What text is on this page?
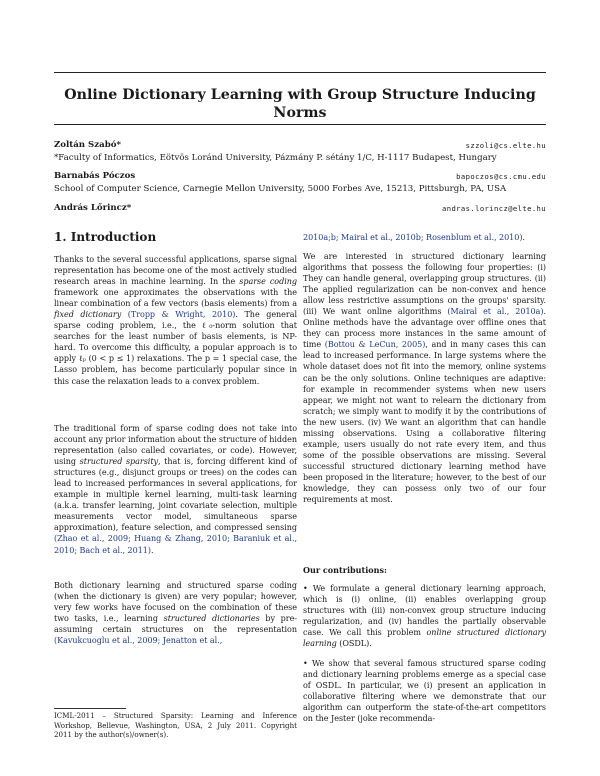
Online Dictionary Learning with Group Structure Inducing Norms
Zoltán Szabó*	szzoli@cs.elte.hu
*Faculty of Informatics, Eötvös Loránd University, Pázmány P. sétány 1/C, H-1117 Budapest, Hungary
Barnabás Póczos	bapoczos@cs.cmu.edu
School of Computer Science, Carnegie Mellon University, 5000 Forbes Ave, 15213, Pittsburgh, PA, USA
András Lőrincz*	andras.lorincz@elte.hu
1. Introduction

Thanks to the several successful applications, sparse signal representation has become one of the most actively studied research areas in machine learning. In the sparse coding framework one approximates the observations with the linear combination of a few vectors (basis elements) from a fixed dictionary (Tropp & Wright, 2010). The general sparse coding problem, i.e., the ℓ₀-norm solution that searches for the least number of basis elements, is NP-hard. To overcome this difficulty, a popular approach is to apply ℓₚ (0 < p ≤ 1) relaxations. The p = 1 special case, the Lasso problem, has become particularly popular since in this case the relaxation leads to a convex problem.

The traditional form of sparse coding does not take into account any prior information about the structure of hidden representation (also called covariates, or code). However, using structured sparsity, that is, forcing different kind of structures (e.g., disjunct groups or trees) on the codes can lead to increased performances in several applications, for example in multiple kernel learning, multi-task learning (a.k.a. transfer learning, joint covariate selection, multiple measurements vector model, simultaneous sparse approximation), feature selection, and compressed sensing (Zhao et al., 2009; Huang & Zhang, 2010; Baraniuk et al., 2010; Bach et al., 2011).

Both dictionary learning and structured sparse coding (when the dictionary is given) are very popular; however, very few works have focused on the combination of these two tasks, i.e., learning structured dictionaries by pre-assuming certain structures on the representation (Kavukcuoglu et al., 2009; Jenatton et al.,

ICML-2011 – Structured Sparsity: Learning and Inference Workshop, Bellevue, Washington, USA, 2 July 2011. Copyright 2011 by the author(s)/owner(s).

2010a;b; Mairal et al., 2010b; Rosenblum et al., 2010).

We are interested in structured dictionary learning algorithms that possess the following four properties: (i) They can handle general, overlapping group structures. (ii) The applied regularization can be non-convex and hence allow less restrictive assumptions on the groups' sparsity. (iii) We want online algorithms (Mairal et al., 2010a). Online methods have the advantage over offline ones that they can process more instances in the same amount of time (Bottou & LeCun, 2005), and in many cases this can lead to increased performance. In large systems where the whole dataset does not fit into the memory, online systems can be the only solutions. Online techniques are adaptive: for example in recommender systems when new users appear, we might not want to relearn the dictionary from scratch; we simply want to modify it by the contributions of the new users. (iv) We want an algorithm that can handle missing observations. Using a collaborative filtering example, users usually do not rate every item, and thus some of the possible observations are missing. Several successful structured dictionary learning method have been proposed in the literature; however, to the best of our knowledge, they can possess only two of our four requirements at most.

Our contributions:

• We formulate a general dictionary learning approach, which is (i) online, (ii) enables overlapping group structures with (iii) non-convex group structure inducing regularization, and (iv) handles the partially observable case. We call this problem online structured dictionary learning (OSDL).

• We show that several famous structured sparse coding and dictionary learning problems emerge as a special case of OSDL. In particular, we (i) present an application in collaborative filtering where we demonstrate that our algorithm can outperform the state-of-the-art competitors on the Jester (joke recommenda-
